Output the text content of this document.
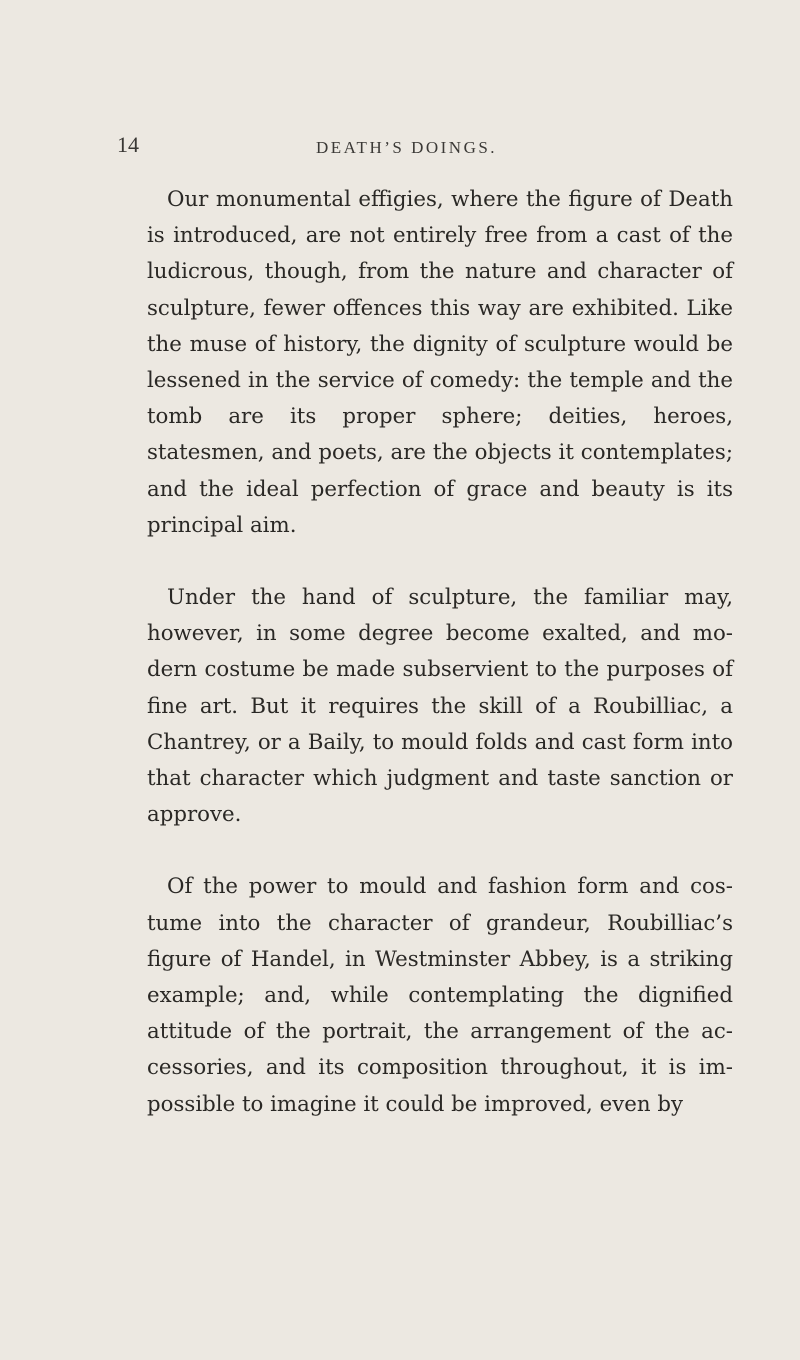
14	DEATH’S DOINGS.

Our monumental effigies, where the figure of Death is introduced, are not entirely free from a cast of the ludicrous, though, from the nature and character of sculpture, fewer offences this way are exhibited. Like the muse of history, the dignity of sculpture would be lessened in the service of comedy: the temple and the tomb are its proper sphere; deities, heroes, statesmen, and poets, are the objects it contemplates; and the ideal perfection of grace and beauty is its principal aim.

Under the hand of sculpture, the familiar may, however, in some degree become exalted, and modern costume be made subservient to the purposes of fine art. But it requires the skill of a Roubilliac, a Chantrey, or a Baily, to mould folds and cast form into that character which judgment and taste sanction or approve.

Of the power to mould and fashion form and costume into the character of grandeur, Roubilliac’s figure of Handel, in Westminster Abbey, is a striking example; and, while contemplating the dignified attitude of the portrait, the arrangement of the accessories, and its composition throughout, it is impossible to imagine it could be improved, even by
